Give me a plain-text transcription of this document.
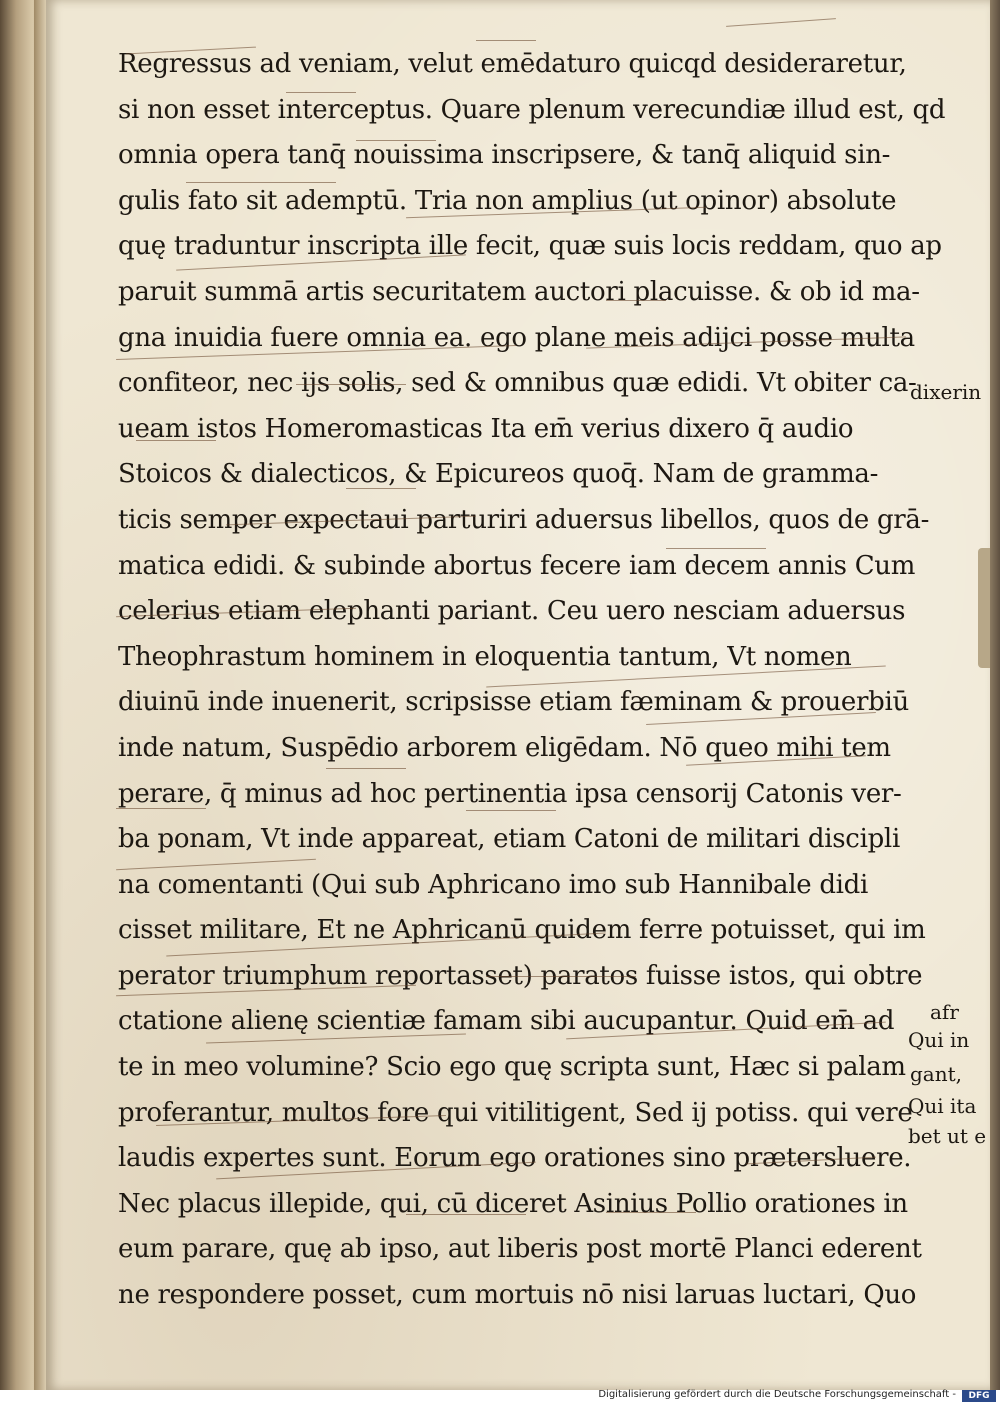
Regressus ad veniam, velut emēdaturo quicqd desideraretur,
si non esset interceptus. Quare plenum verecundiæ illud est, qd
omnia opera tanq̄ nouissima inscripsere, & tanq̄ aliquid sin-
gulis fato sit ademptū. Tria non amplius (ut opinor) absolute
quę traduntur inscripta ille fecit, quæ suis locis reddam, quo ap
paruit summā artis securitatem auctori placuisse. & ob id ma-
gna inuidia fuere omnia ea. ego plane meis adijci posse multa
confiteor, nec ijs solis, sed & omnibus quæ edidi. Vt obiter ca-
ueam istos Homeromasticas Ita em̄ verius dixero q̄ audio
Stoicos & dialecticos, & Epicureos quoq̄. Nam de gramma-
ticis semper expectaui parturiri aduersus libellos, quos de grā-
matica edidi. & subinde abortus fecere iam decem annis Cum
celerius etiam elephanti pariant. Ceu uero nesciam aduersus
Theophrastum hominem in eloquentia tantum, Vt nomen
diuinū inde inuenerit, scripsisse etiam fæminam & prouerbiū
inde natum, Suspēdio arborem eligēdam. Nō queo mihi tem
perare, q̄ minus ad hoc pertinentia ipsa censorij Catonis ver-
ba ponam, Vt inde appareat, etiam Catoni de militari discipli
na comentanti (Qui sub Aphricano imo sub Hannibale didi
cisset militare, Et ne Aphricanū quidem ferre potuisset, qui im
perator triumphum reportasset) paratos fuisse istos, qui obtre
ctatione alienę scientiæ famam sibi aucupantur. Quid em̄ ad
te in meo volumine? Scio ego quę scripta sunt, Hæc si palam
proferantur, multos fore qui vitilitigent, Sed ij potiss. qui vere
laudis expertes sunt. Eorum ego orationes sino prætersluere.
Nec placus illepide, qui, cū diceret Asinius Pollio orationes in
eum parare, quę ab ipso, aut liberis post mortē Planci ederent
ne respondere posset, cum mortuis nō nisi laruas luctari, Quo
dixerin
afr
Qui in
gant,
Qui ita
bet ut e
Digitalisierung gefördert durch die Deutsche Forschungsgemeinschaft -	DFG
